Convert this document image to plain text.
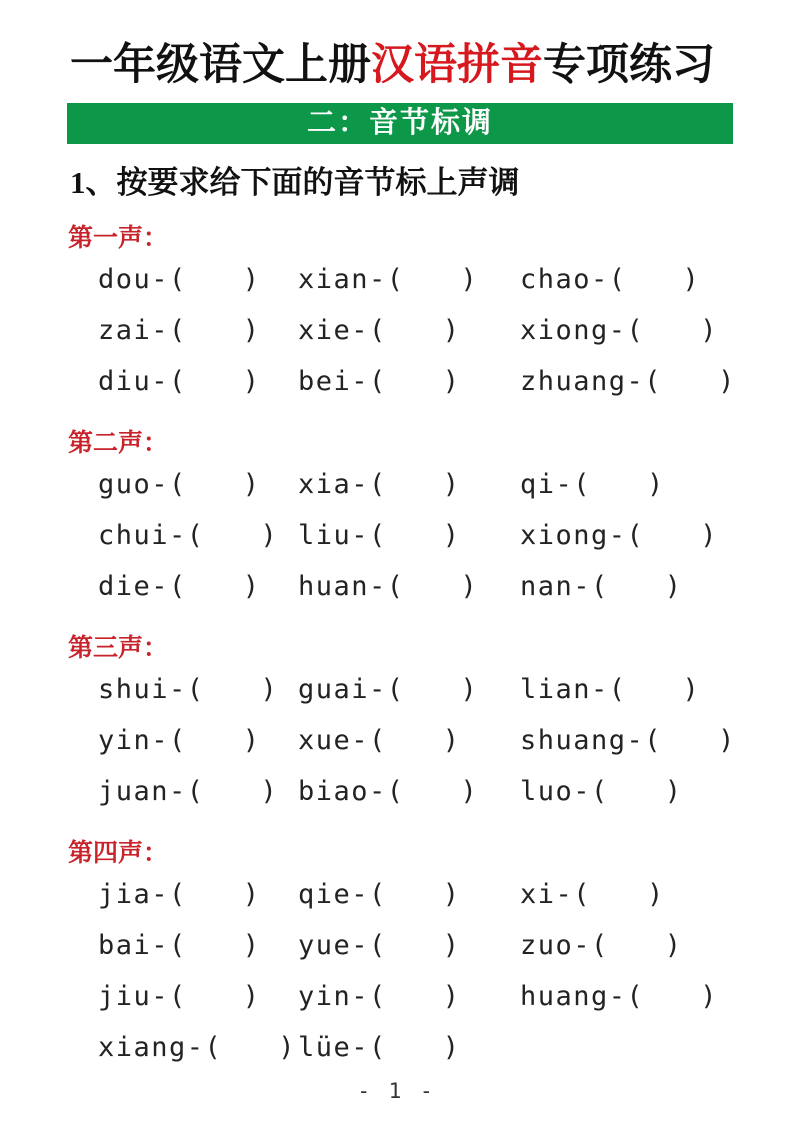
一年级语文上册汉语拼音专项练习
二：音节标调
1、按要求给下面的音节标上声调
第一声：
dou-( )	xian-( )	chao-( )
zai-( )	xie-( )	xiong-( )
diu-( )	bei-( )	zhuang-( )
第二声：
guo-( )	xia-( )	qi-( )
chui-( ) liu-( )	xiong-( )
die-( )	huan-( )	nan-( )
第三声：
shui-( ) guai-( )	lian-( )
yin-( )	xue-( )	shuang-( )
juan-( ) biao-( )	luo-( )
第四声：
jia-( )	qie-( )	xi-( )
bai-( )	yue-( )	zuo-( )
jiu-( )	yin-( )	huang-( )
xiang-( ) lüe-( )
- 1 -
